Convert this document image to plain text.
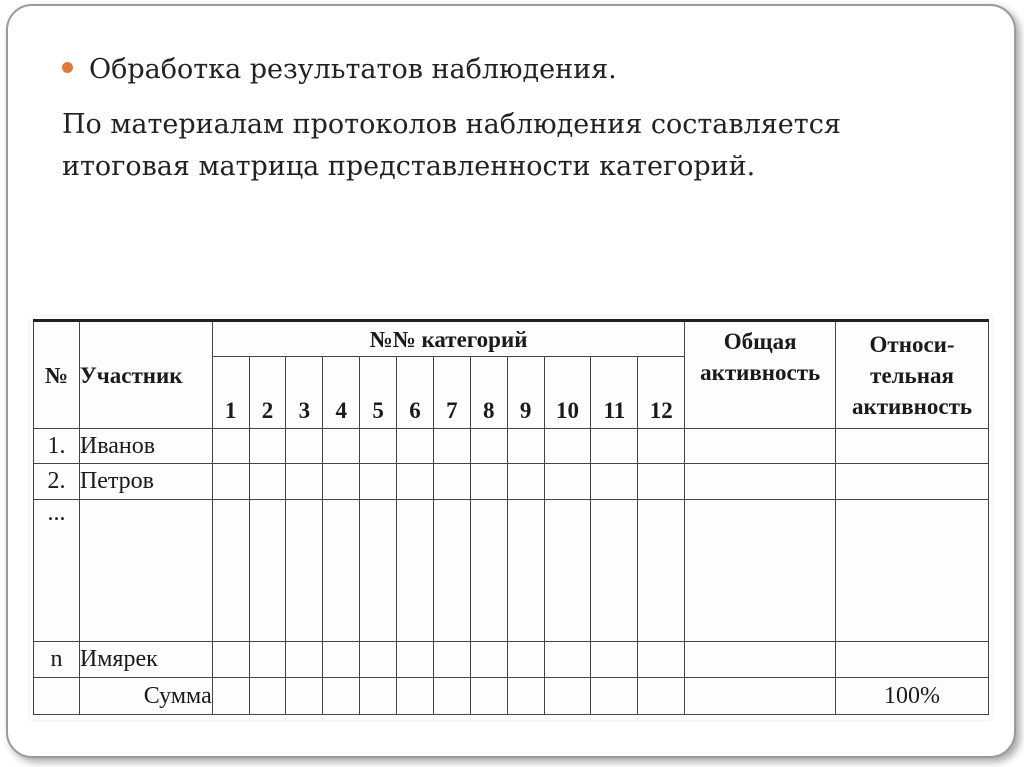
Обработка результатов наблюдения.
По материалам протоколов наблюдения составляется итоговая матрица представленности категорий.
№	Участник	№№ категорий												Общая активность	Относи-тельная активность
		1	2	3	4	5	6	7	8	9	10	11	12		
1.	Иванов														
2.	Петров														
...															
n	Имярек														
	Сумма														100%
